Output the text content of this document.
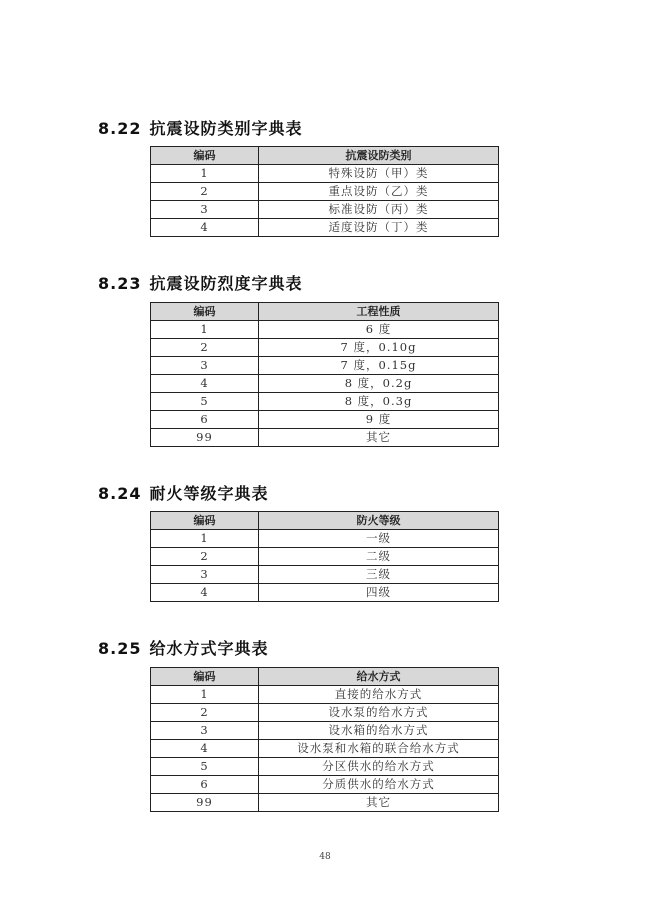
8.22 抗震设防类别字典表
编码	抗震设防类别
1	特殊设防（甲）类
2	重点设防（乙）类
3	标准设防（丙）类
4	适度设防（丁）类
8.23 抗震设防烈度字典表
编码	工程性质
1	6 度
2	7 度，0.10g
3	7 度，0.15g
4	8 度，0.2g
5	8 度，0.3g
6	9 度
99	其它
8.24 耐火等级字典表
编码	防火等级
1	一级
2	二级
3	三级
4	四级
8.25 给水方式字典表
编码	给水方式
1	直接的给水方式
2	设水泵的给水方式
3	设水箱的给水方式
4	设水泵和水箱的联合给水方式
5	分区供水的给水方式
6	分质供水的给水方式
99	其它
48
